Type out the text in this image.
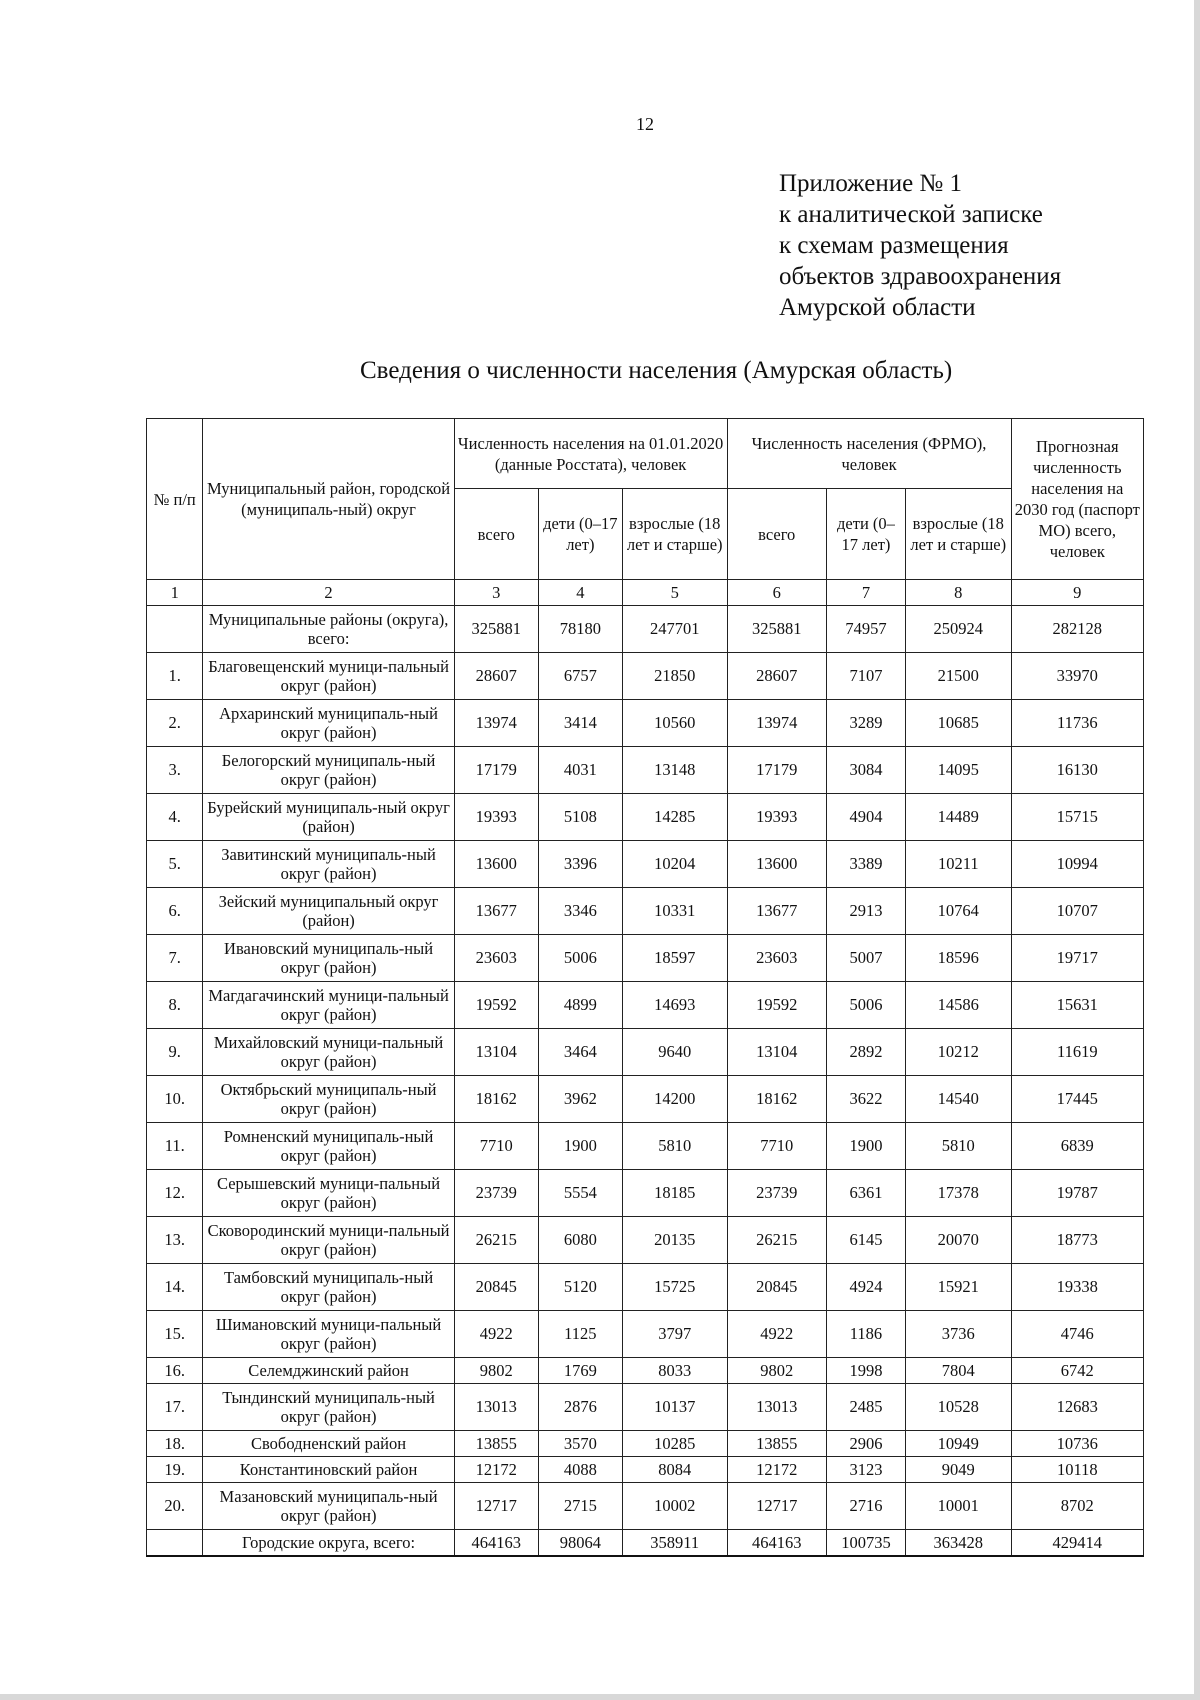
12
Приложение № 1
к аналитической записке
к схемам размещения
объектов здравоохранения
Амурской области
Сведения о численности населения (Амурская область)
№ п/п	Муниципальный район, городской (муниципаль-ный) округ	Численность населения на 01.01.2020 (данные Росстата), человек			Численность населения (ФРМО), человек			Прогнозная численность населения на 2030 год (паспорт МО) всего, человек
		всего	дети (0–17 лет)	взрослые (18 лет и старше)	всего	дети (0–17 лет)	взрослые (18 лет и старше)	
1	2	3	4	5	6	7	8	9
	Муниципальные районы (округа), всего:	325881	78180	247701	325881	74957	250924	282128
1.	Благовещенский муници-пальный округ (район)	28607	6757	21850	28607	7107	21500	33970
2.	Архаринский муниципаль-ный округ (район)	13974	3414	10560	13974	3289	10685	11736
3.	Белогорский муниципаль-ный округ (район)	17179	4031	13148	17179	3084	14095	16130
4.	Бурейский муниципаль-ный округ (район)	19393	5108	14285	19393	4904	14489	15715
5.	Завитинский муниципаль-ный округ (район)	13600	3396	10204	13600	3389	10211	10994
6.	Зейский муниципальный округ (район)	13677	3346	10331	13677	2913	10764	10707
7.	Ивановский муниципаль-ный округ (район)	23603	5006	18597	23603	5007	18596	19717
8.	Магдагачинский муници-пальный округ (район)	19592	4899	14693	19592	5006	14586	15631
9.	Михайловский муници-пальный округ (район)	13104	3464	9640	13104	2892	10212	11619
10.	Октябрьский муниципаль-ный округ (район)	18162	3962	14200	18162	3622	14540	17445
11.	Ромненский муниципаль-ный округ (район)	7710	1900	5810	7710	1900	5810	6839
12.	Серышевский муници-пальный округ (район)	23739	5554	18185	23739	6361	17378	19787
13.	Сковородинский муници-пальный округ (район)	26215	6080	20135	26215	6145	20070	18773
14.	Тамбовский муниципаль-ный округ (район)	20845	5120	15725	20845	4924	15921	19338
15.	Шимановский муници-пальный округ (район)	4922	1125	3797	4922	1186	3736	4746
16.	Селемджинский район	9802	1769	8033	9802	1998	7804	6742
17.	Тындинский муниципаль-ный округ (район)	13013	2876	10137	13013	2485	10528	12683
18.	Свободненский район	13855	3570	10285	13855	2906	10949	10736
19.	Константиновский район	12172	4088	8084	12172	3123	9049	10118
20.	Мазановский муниципаль-ный округ (район)	12717	2715	10002	12717	2716	10001	8702
	Городские округа, всего:	464163	98064	358911	464163	100735	363428	429414
